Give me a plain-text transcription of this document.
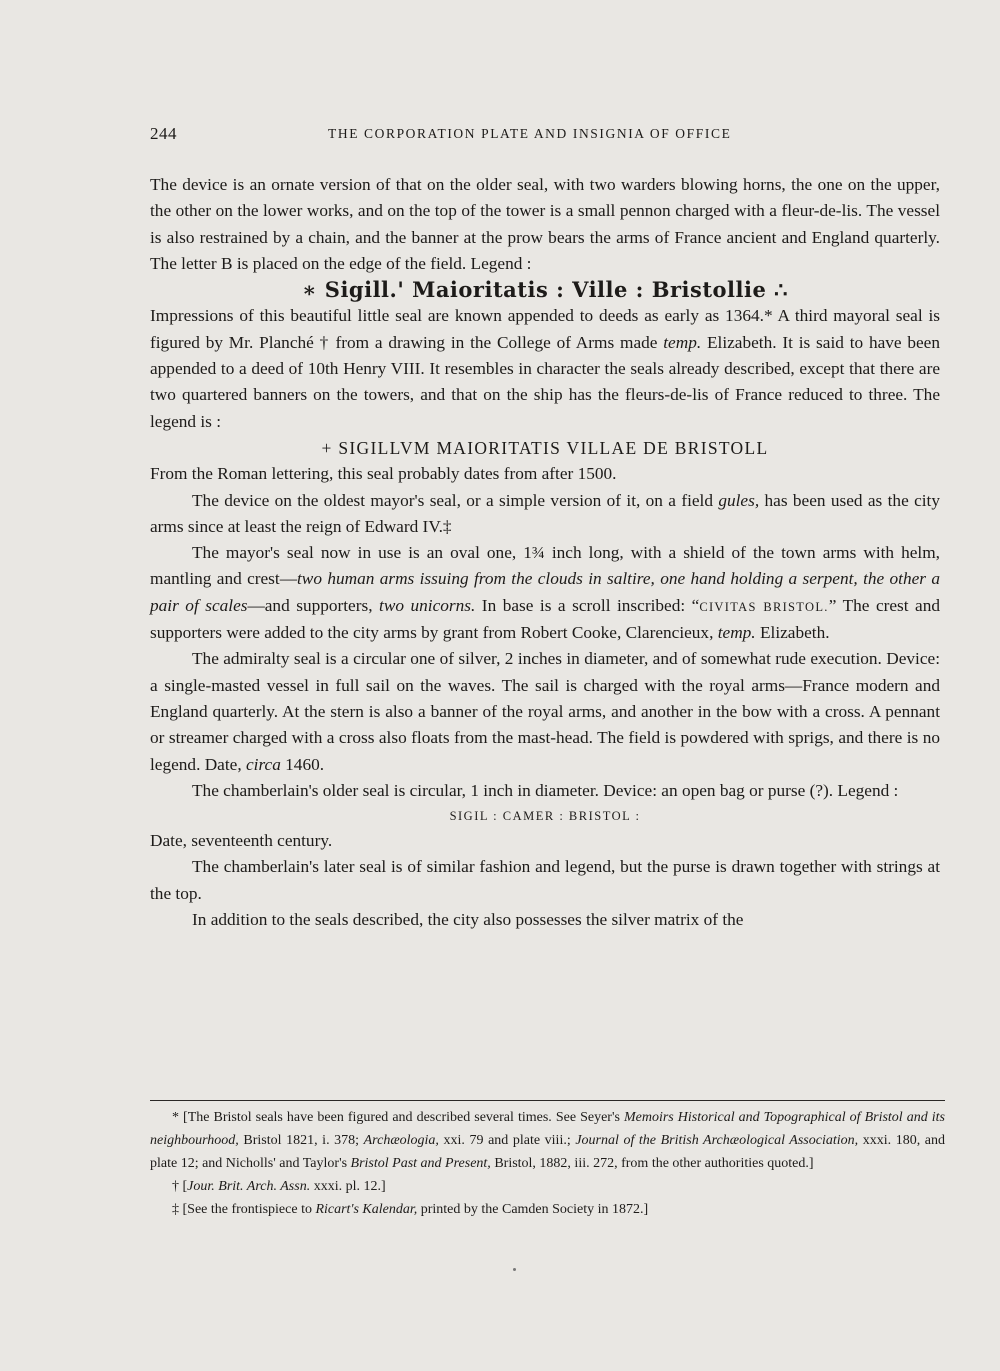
244	THE CORPORATION PLATE AND INSIGNIA OF OFFICE

The device is an ornate version of that on the older seal, with two warders blowing horns, the one on the upper, the other on the lower works, and on the top of the tower is a small pennon charged with a fleur-de-lis. The vessel is also restrained by a chain, and the banner at the prow bears the arms of France ancient and England quarterly. The letter B is placed on the edge of the field. Legend :

∗ Sigill.' Maioritatis : Ville : Bristollie ∴

Impressions of this beautiful little seal are known appended to deeds as early as 1364.* A third mayoral seal is figured by Mr. Planché † from a drawing in the College of Arms made temp. Elizabeth. It is said to have been appended to a deed of 10th Henry VIII. It resembles in character the seals already described, except that there are two quartered banners on the towers, and that on the ship has the fleurs-de-lis of France reduced to three. The legend is :

+ SIGILLVM MAIORITATIS VILLAE DE BRISTOLL

From the Roman lettering, this seal probably dates from after 1500.

The device on the oldest mayor's seal, or a simple version of it, on a field gules, has been used as the city arms since at least the reign of Edward IV.‡

The mayor's seal now in use is an oval one, 1¾ inch long, with a shield of the town arms with helm, mantling and crest—two human arms issuing from the clouds in saltire, one hand holding a serpent, the other a pair of scales—and supporters, two unicorns. In base is a scroll inscribed: “CIVITAS BRISTOL.” The crest and supporters were added to the city arms by grant from Robert Cooke, Clarencieux, temp. Elizabeth.

The admiralty seal is a circular one of silver, 2 inches in diameter, and of somewhat rude execution. Device: a single-masted vessel in full sail on the waves. The sail is charged with the royal arms—France modern and England quarterly. At the stern is also a banner of the royal arms, and another in the bow with a cross. A pennant or streamer charged with a cross also floats from the mast-head. The field is powdered with sprigs, and there is no legend. Date, circa 1460.

The chamberlain's older seal is circular, 1 inch in diameter. Device: an open bag or purse (?). Legend :

SIGIL : CAMER : BRISTOL :

Date, seventeenth century.

The chamberlain's later seal is of similar fashion and legend, but the purse is drawn together with strings at the top.

In addition to the seals described, the city also possesses the silver matrix of the

* [The Bristol seals have been figured and described several times. See Seyer's Memoirs Historical and Topographical of Bristol and its neighbourhood, Bristol 1821, i. 378; Archæologia, xxi. 79 and plate viii.; Journal of the British Archæological Association, xxxi. 180, and plate 12; and Nicholls' and Taylor's Bristol Past and Present, Bristol, 1882, iii. 272, from the other authorities quoted.]

† [Jour. Brit. Arch. Assn. xxxi. pl. 12.]

‡ [See the frontispiece to Ricart's Kalendar, printed by the Camden Society in 1872.]
